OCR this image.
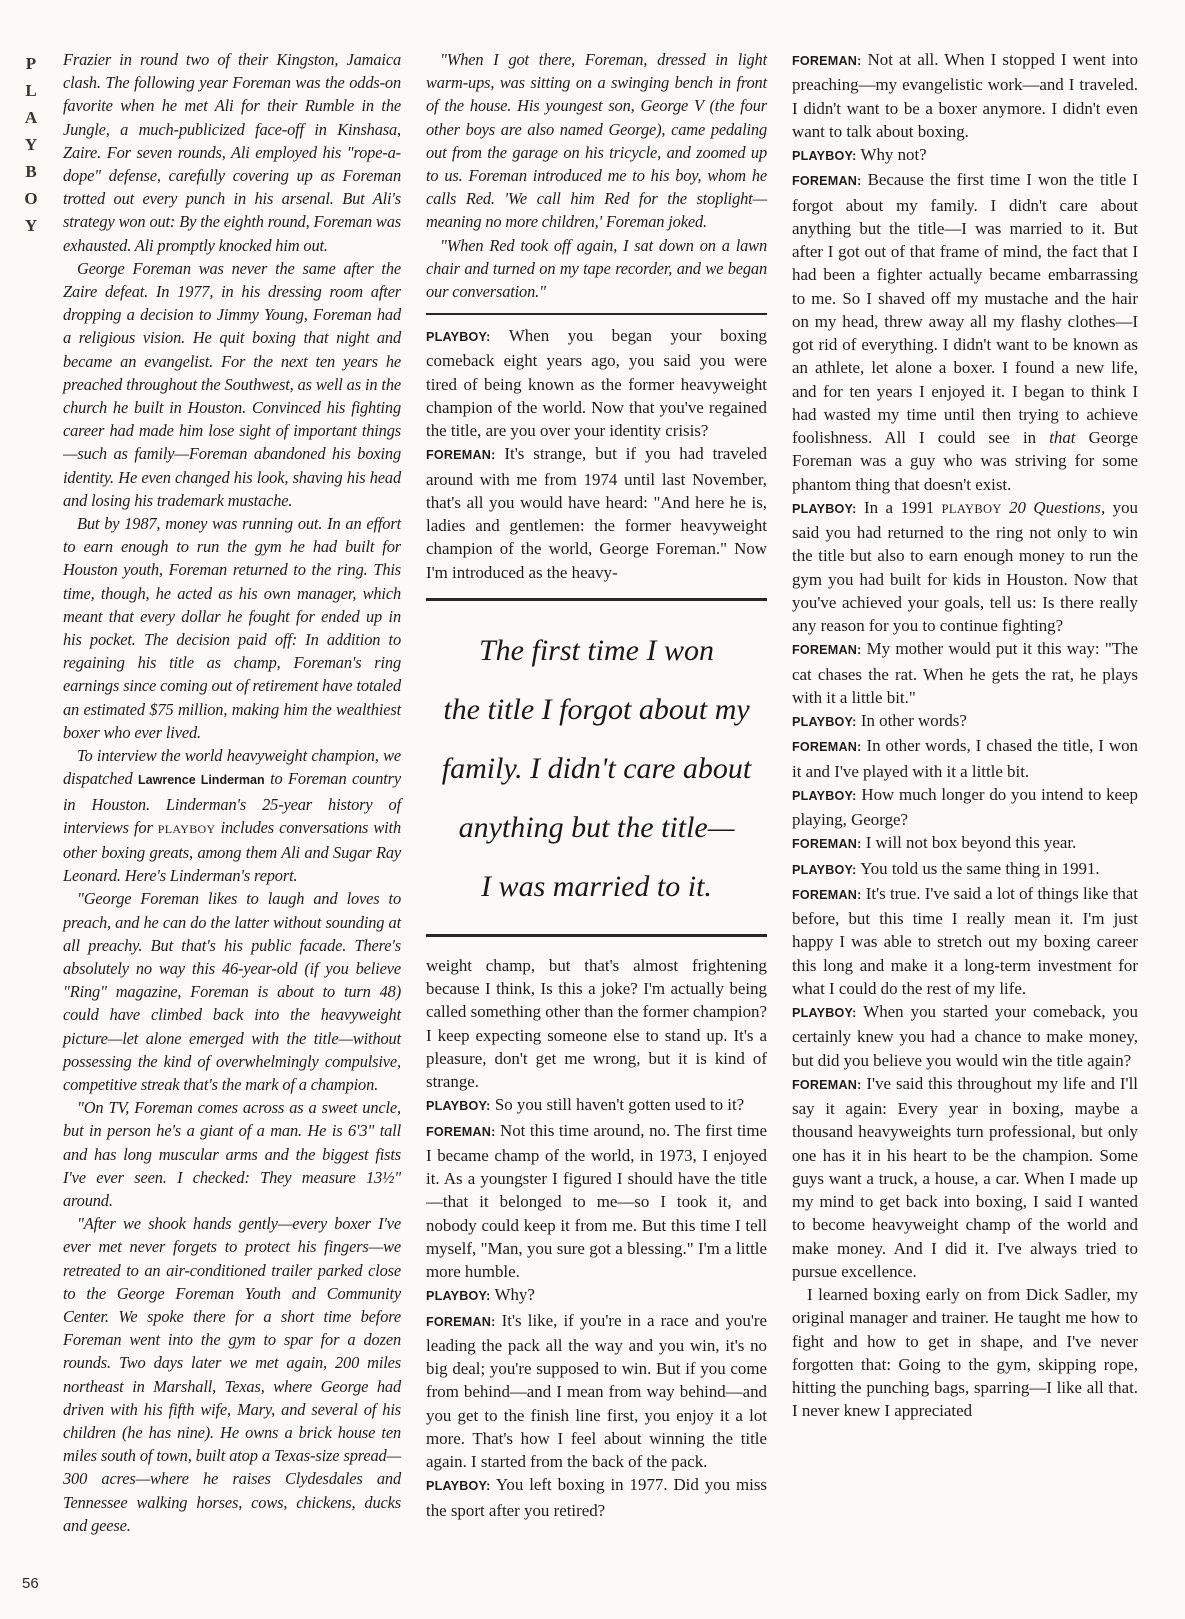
P
L
A
Y
B
O
Y
56

Frazier in round two of their Kingston, Jamaica clash. The following year Foreman was the odds-on favorite when he met Ali for their Rumble in the Jungle, a much-publicized face-off in Kinshasa, Zaire. For seven rounds, Ali employed his "rope-a-dope" defense, carefully covering up as Foreman trotted out every punch in his arsenal. But Ali's strategy won out: By the eighth round, Foreman was exhausted. Ali promptly knocked him out.

George Foreman was never the same after the Zaire defeat. In 1977, in his dressing room after dropping a decision to Jimmy Young, Foreman had a religious vision. He quit boxing that night and became an evangelist. For the next ten years he preached throughout the Southwest, as well as in the church he built in Houston. Convinced his fighting career had made him lose sight of important things—such as family—Foreman abandoned his boxing identity. He even changed his look, shaving his head and losing his trademark mustache.

But by 1987, money was running out. In an effort to earn enough to run the gym he had built for Houston youth, Foreman returned to the ring. This time, though, he acted as his own manager, which meant that every dollar he fought for ended up in his pocket. The decision paid off: In addition to regaining his title as champ, Foreman's ring earnings since coming out of retirement have totaled an estimated $75 million, making him the wealthiest boxer who ever lived.

To interview the world heavyweight champion, we dispatched Lawrence Linderman to Foreman country in Houston. Linderman's 25-year history of interviews for PLAYBOY includes conversations with other boxing greats, among them Ali and Sugar Ray Leonard. Here's Linderman's report.

"George Foreman likes to laugh and loves to preach, and he can do the latter without sounding at all preachy. But that's his public facade. There's absolutely no way this 46-year-old (if you believe "Ring" magazine, Foreman is about to turn 48) could have climbed back into the heavyweight picture—let alone emerged with the title—without possessing the kind of overwhelmingly compulsive, competitive streak that's the mark of a champion.

"On TV, Foreman comes across as a sweet uncle, but in person he's a giant of a man. He is 6'3" tall and has long muscular arms and the biggest fists I've ever seen. I checked: They measure 13½" around.

"After we shook hands gently—every boxer I've ever met never forgets to protect his fingers—we retreated to an air-conditioned trailer parked close to the George Foreman Youth and Community Center. We spoke there for a short time before Foreman went into the gym to spar for a dozen rounds. Two days later we met again, 200 miles northeast in Marshall, Texas, where George had driven with his fifth wife, Mary, and several of his children (he has nine). He owns a brick house ten miles south of town, built atop a Texas-size spread—300 acres—where he raises Clydesdales and Tennessee walking horses, cows, chickens, ducks and geese.

"When I got there, Foreman, dressed in light warm-ups, was sitting on a swinging bench in front of the house. His youngest son, George V (the four other boys are also named George), came pedaling out from the garage on his tricycle, and zoomed up to us. Foreman introduced me to his boy, whom he calls Red. 'We call him Red for the stoplight—meaning no more children,' Foreman joked.

"When Red took off again, I sat down on a lawn chair and turned on my tape recorder, and we began our conversation."

PLAYBOY: When you began your boxing comeback eight years ago, you said you were tired of being known as the former heavyweight champion of the world. Now that you've regained the title, are you over your identity crisis?

FOREMAN: It's strange, but if you had traveled around with me from 1974 until last November, that's all you would have heard: "And here he is, ladies and gentlemen: the former heavyweight champion of the world, George Foreman." Now I'm introduced as the heavy-

The first time I won
the title I forgot about my
family. I didn't care about
anything but the title—
I was married to it.

weight champ, but that's almost frightening because I think, Is this a joke? I'm actually being called something other than the former champion? I keep expecting someone else to stand up. It's a pleasure, don't get me wrong, but it is kind of strange.

PLAYBOY: So you still haven't gotten used to it?

FOREMAN: Not this time around, no. The first time I became champ of the world, in 1973, I enjoyed it. As a youngster I figured I should have the title—that it belonged to me—so I took it, and nobody could keep it from me. But this time I tell myself, "Man, you sure got a blessing." I'm a little more humble.

PLAYBOY: Why?

FOREMAN: It's like, if you're in a race and you're leading the pack all the way and you win, it's no big deal; you're supposed to win. But if you come from behind—and I mean from way behind—and you get to the finish line first, you enjoy it a lot more. That's how I feel about winning the title again. I started from the back of the pack.

PLAYBOY: You left boxing in 1977. Did you miss the sport after you retired?

FOREMAN: Not at all. When I stopped I went into preaching—my evangelistic work—and I traveled. I didn't want to be a boxer anymore. I didn't even want to talk about boxing.

PLAYBOY: Why not?

FOREMAN: Because the first time I won the title I forgot about my family. I didn't care about anything but the title—I was married to it. But after I got out of that frame of mind, the fact that I had been a fighter actually became embarrassing to me. So I shaved off my mustache and the hair on my head, threw away all my flashy clothes—I got rid of everything. I didn't want to be known as an athlete, let alone a boxer. I found a new life, and for ten years I enjoyed it. I began to think I had wasted my time until then trying to achieve foolishness. All I could see in that George Foreman was a guy who was striving for some phantom thing that doesn't exist.

PLAYBOY: In a 1991 PLAYBOY 20 Questions, you said you had returned to the ring not only to win the title but also to earn enough money to run the gym you had built for kids in Houston. Now that you've achieved your goals, tell us: Is there really any reason for you to continue fighting?

FOREMAN: My mother would put it this way: "The cat chases the rat. When he gets the rat, he plays with it a little bit."

PLAYBOY: In other words?

FOREMAN: In other words, I chased the title, I won it and I've played with it a little bit.

PLAYBOY: How much longer do you intend to keep playing, George?

FOREMAN: I will not box beyond this year.

PLAYBOY: You told us the same thing in 1991.

FOREMAN: It's true. I've said a lot of things like that before, but this time I really mean it. I'm just happy I was able to stretch out my boxing career this long and make it a long-term investment for what I could do the rest of my life.

PLAYBOY: When you started your comeback, you certainly knew you had a chance to make money, but did you believe you would win the title again?

FOREMAN: I've said this throughout my life and I'll say it again: Every year in boxing, maybe a thousand heavyweights turn professional, but only one has it in his heart to be the champion. Some guys want a truck, a house, a car. When I made up my mind to get back into boxing, I said I wanted to become heavyweight champ of the world and make money. And I did it. I've always tried to pursue excellence.

I learned boxing early on from Dick Sadler, my original manager and trainer. He taught me how to fight and how to get in shape, and I've never forgotten that: Going to the gym, skipping rope, hitting the punching bags, sparring—I like all that. I never knew I appreciated
